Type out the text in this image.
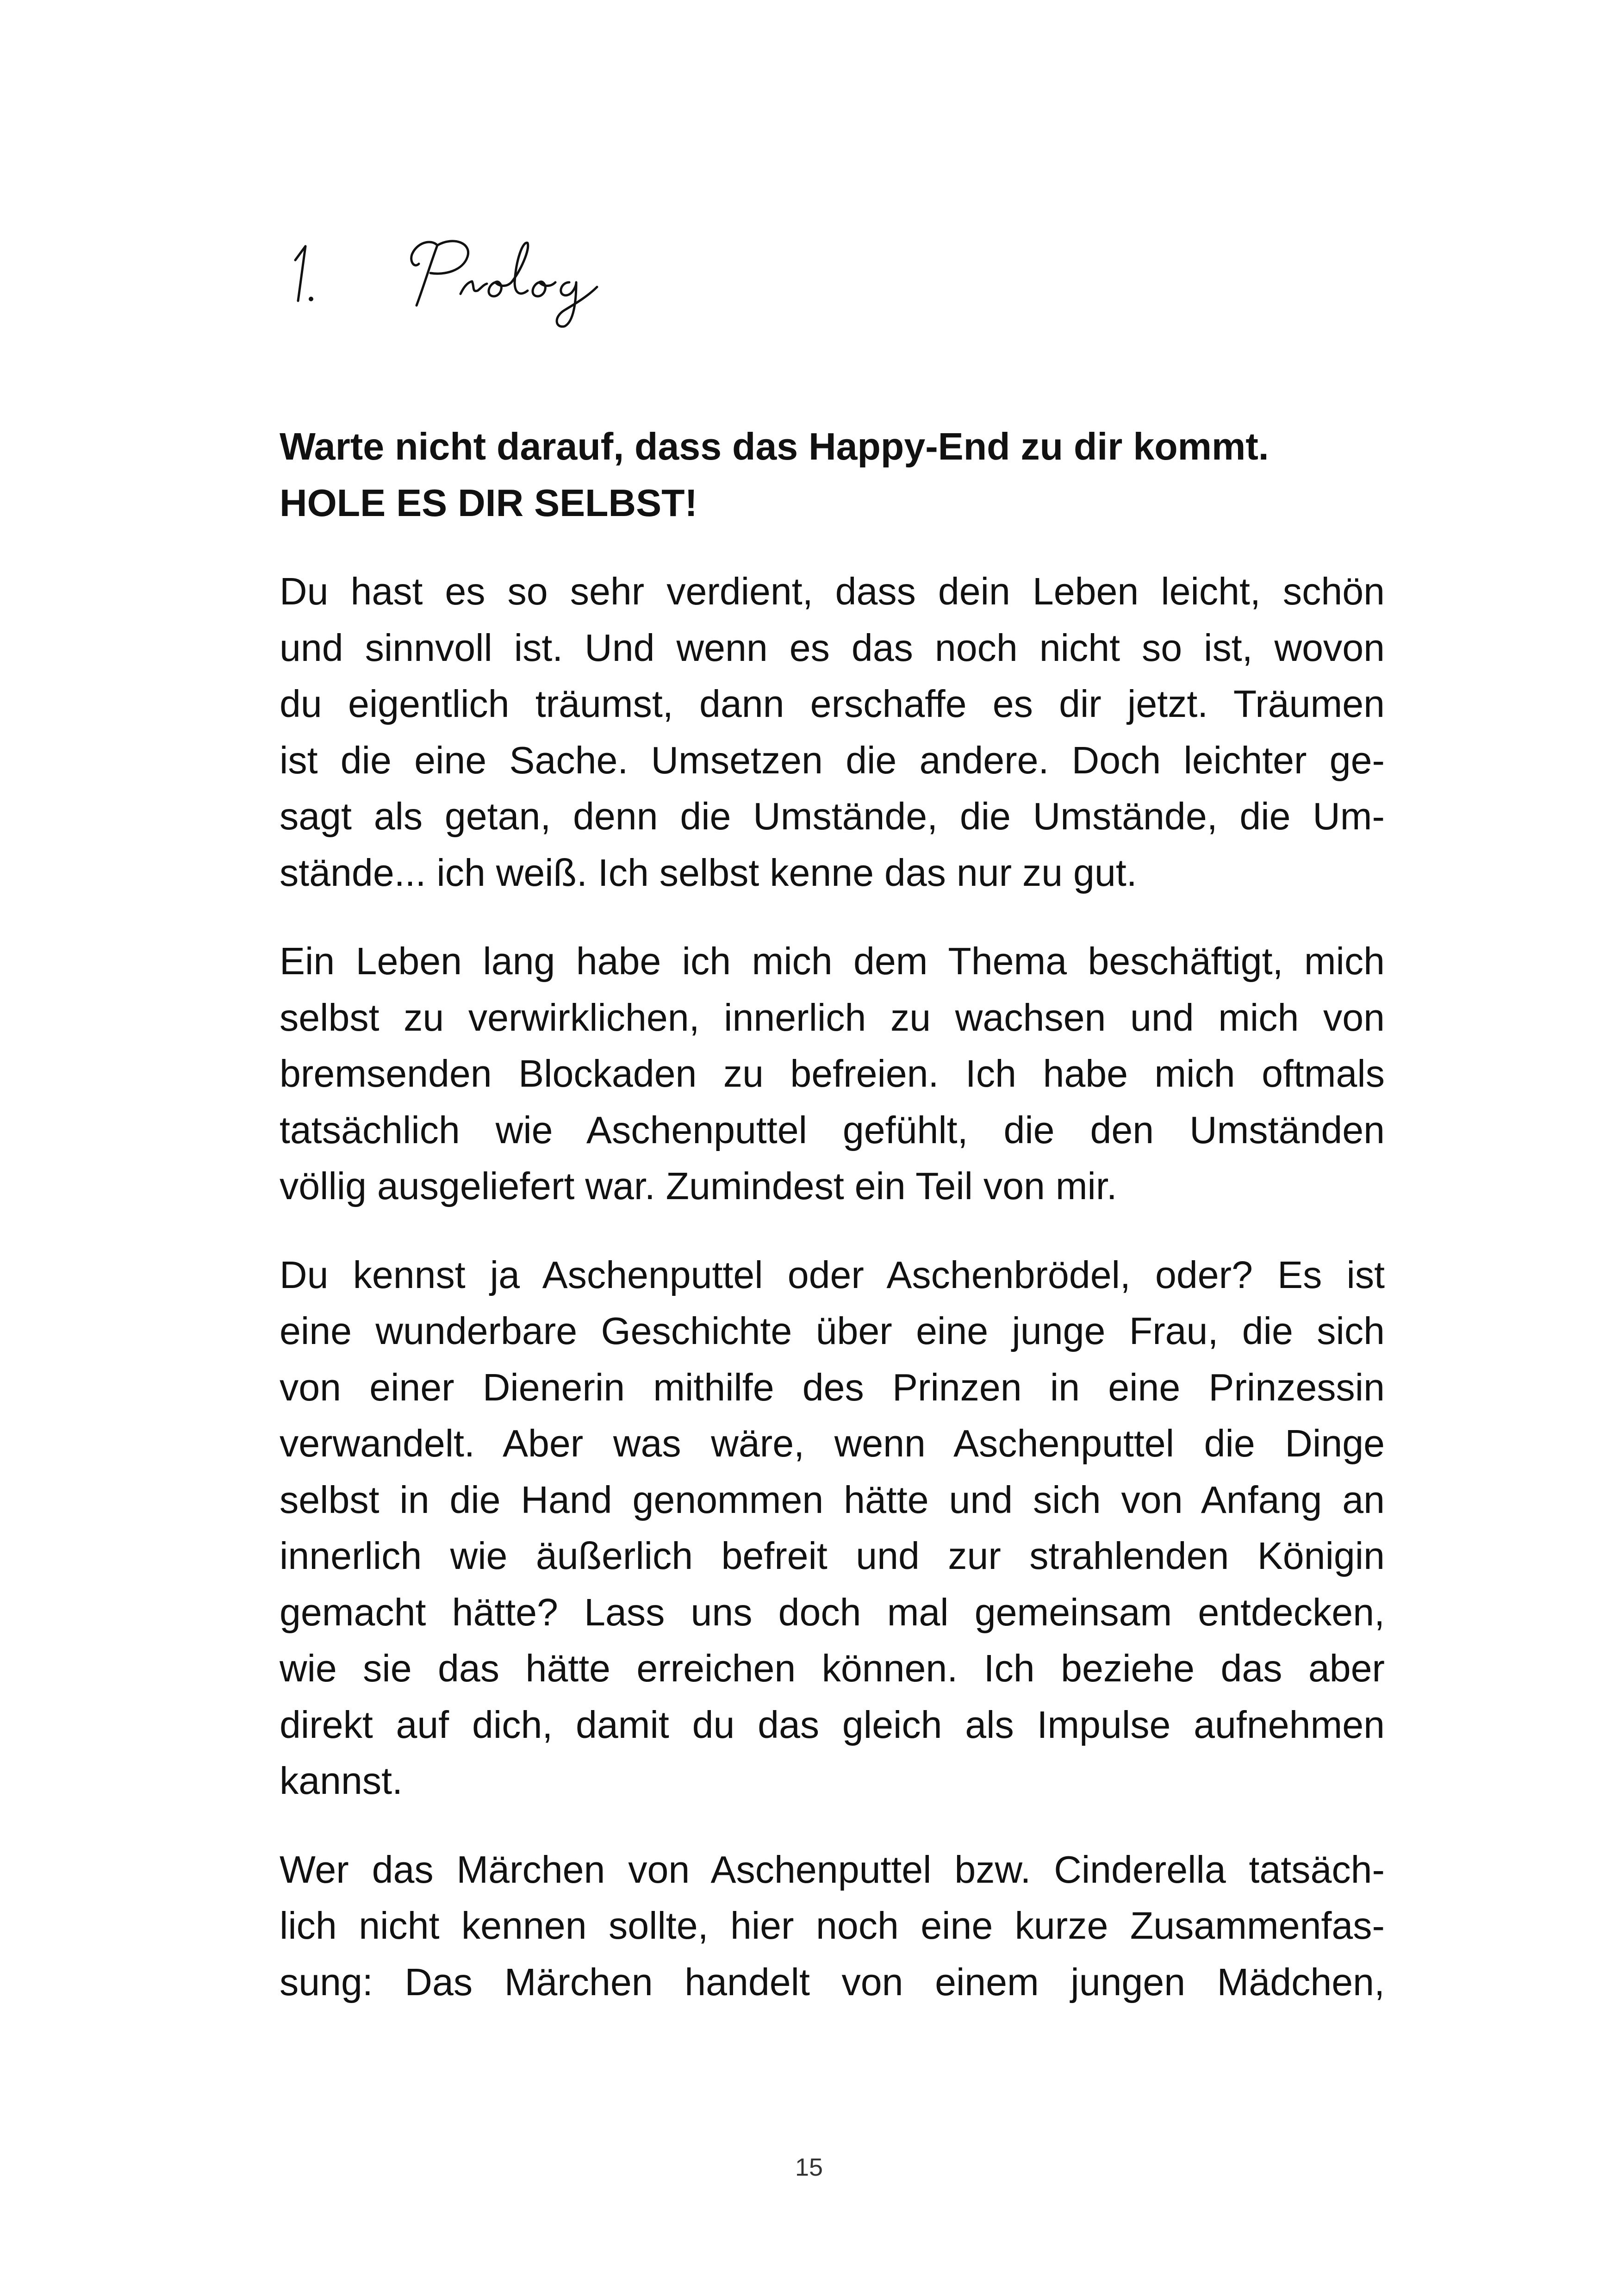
Warte nicht darauf, dass das Happy-End zu dir kommt.
HOLE ES DIR SELBST!

Du hast es so sehr verdient, dass dein Leben leicht, schön
und sinnvoll ist. Und wenn es das noch nicht so ist, wovon
du eigentlich träumst, dann erschaffe es dir jetzt. Träumen
ist die eine Sache. Umsetzen die andere. Doch leichter ge-
sagt als getan, denn die Umstände, die Umstände, die Um-
stände... ich weiß. Ich selbst kenne das nur zu gut.

Ein Leben lang habe ich mich dem Thema beschäftigt, mich
selbst zu verwirklichen, innerlich zu wachsen und mich von
bremsenden Blockaden zu befreien. Ich habe mich oftmals
tatsächlich wie Aschenputtel gefühlt, die den Umständen
völlig ausgeliefert war. Zumindest ein Teil von mir.

Du kennst ja Aschenputtel oder Aschenbrödel, oder? Es ist
eine wunderbare Geschichte über eine junge Frau, die sich
von einer Dienerin mithilfe des Prinzen in eine Prinzessin
verwandelt. Aber was wäre, wenn Aschenputtel die Dinge
selbst in die Hand genommen hätte und sich von Anfang an
innerlich wie äußerlich befreit und zur strahlenden Königin
gemacht hätte? Lass uns doch mal gemeinsam entdecken,
wie sie das hätte erreichen können. Ich beziehe das aber
direkt auf dich, damit du das gleich als Impulse aufnehmen
kannst.

Wer das Märchen von Aschenputtel bzw. Cinderella tatsäch-
lich nicht kennen sollte, hier noch eine kurze Zusammenfas-
sung: Das Märchen handelt von einem jungen Mädchen,

15
